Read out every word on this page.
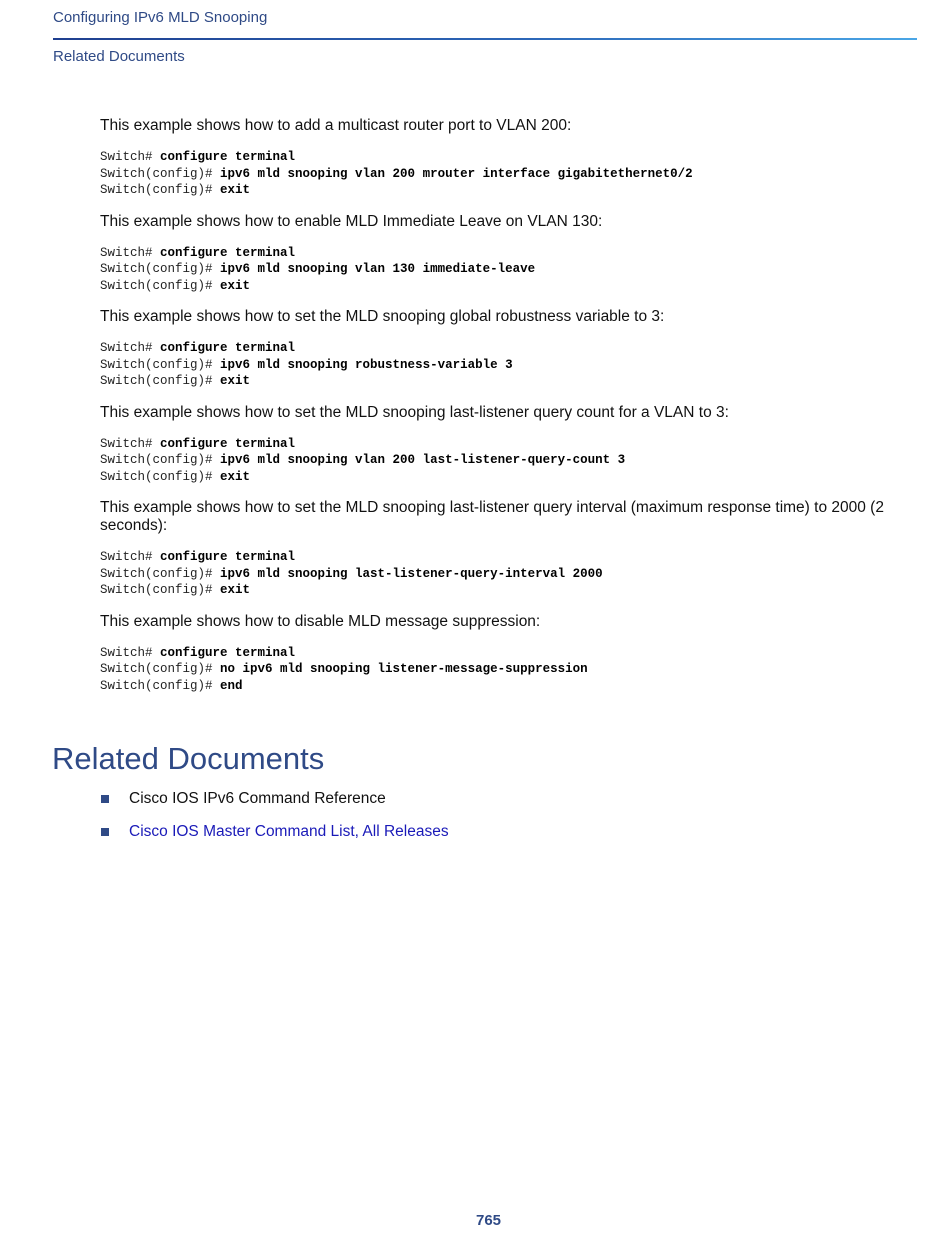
Configuring IPv6 MLD Snooping
Related Documents

This example shows how to add a multicast router port to VLAN 200:

Switch# configure terminal
Switch(config)# ipv6 mld snooping vlan 200 mrouter interface gigabitethernet0/2
Switch(config)# exit

This example shows how to enable MLD Immediate Leave on VLAN 130:

Switch# configure terminal
Switch(config)# ipv6 mld snooping vlan 130 immediate-leave
Switch(config)# exit

This example shows how to set the MLD snooping global robustness variable to 3:

Switch# configure terminal
Switch(config)# ipv6 mld snooping robustness-variable 3
Switch(config)# exit

This example shows how to set the MLD snooping last-listener query count for a VLAN to 3:

Switch# configure terminal
Switch(config)# ipv6 mld snooping vlan 200 last-listener-query-count 3
Switch(config)# exit

This example shows how to set the MLD snooping last-listener query interval (maximum response time) to 2000 (2 seconds):

Switch# configure terminal
Switch(config)# ipv6 mld snooping last-listener-query-interval 2000
Switch(config)# exit

This example shows how to disable MLD message suppression:

Switch# configure terminal
Switch(config)# no ipv6 mld snooping listener-message-suppression
Switch(config)# end
Related Documents
Cisco IOS IPv6 Command Reference
Cisco IOS Master Command List, All Releases
765
